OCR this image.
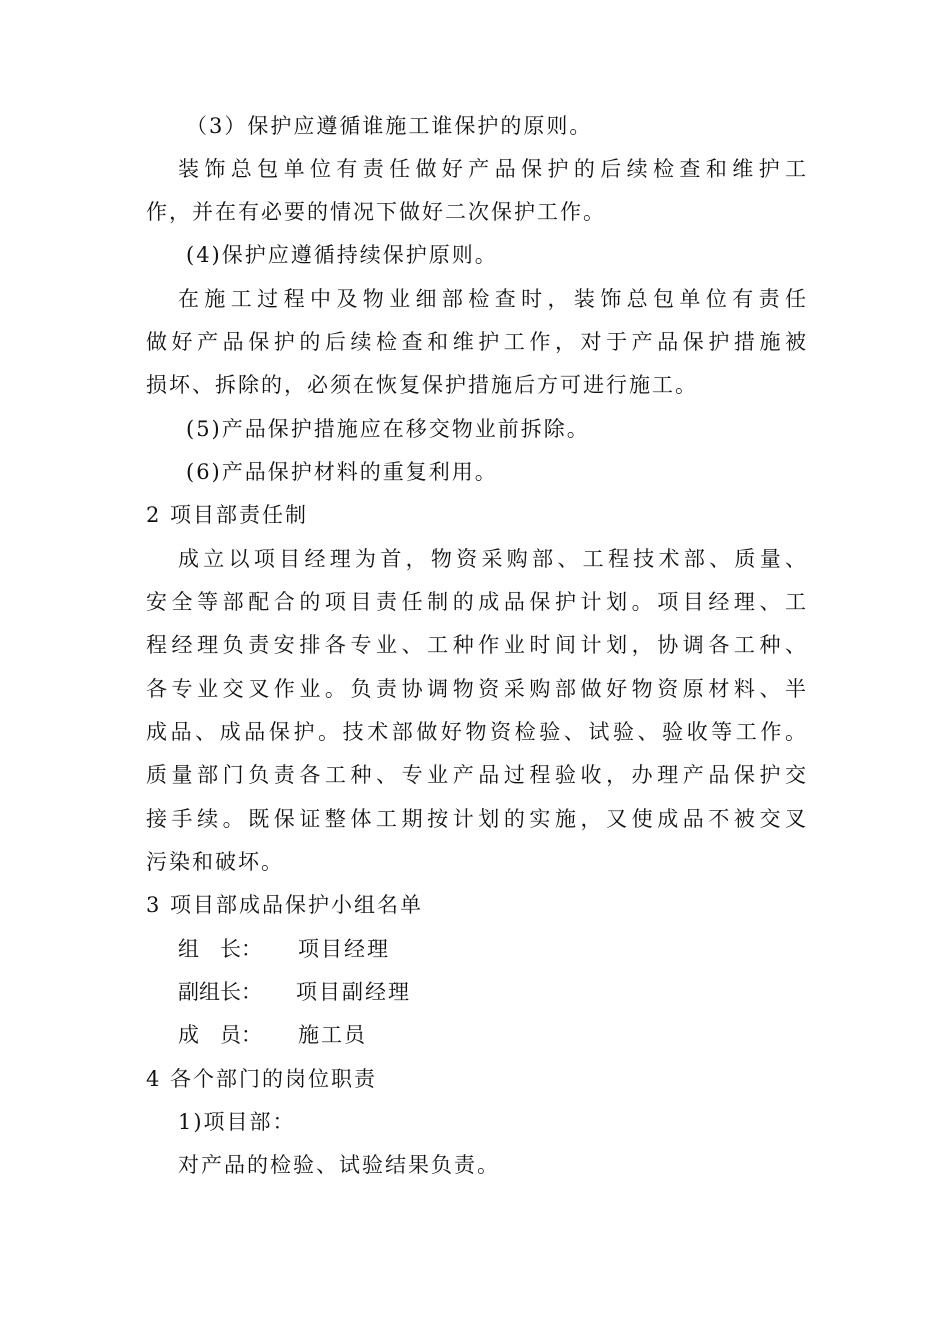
（3）保护应遵循谁施工谁保护的原则。
装饰总包单位有责任做好产品保护的后续检查和维护工
作，并在有必要的情况下做好二次保护工作。
(4)保护应遵循持续保护原则。
在施工过程中及物业细部检查时，装饰总包单位有责任
做好产品保护的后续检查和维护工作，对于产品保护措施被
损坏、拆除的，必须在恢复保护措施后方可进行施工。
(5)产品保护措施应在移交物业前拆除。
(6)产品保护材料的重复利用。
2 项目部责任制
成立以项目经理为首，物资采购部、工程技术部、质量、
安全等部配合的项目责任制的成品保护计划。项目经理、工
程经理负责安排各专业、工种作业时间计划，协调各工种、
各专业交叉作业。负责协调物资采购部做好物资原材料、半
成品、成品保护。技术部做好物资检验、试验、验收等工作。
质量部门负责各工种、专业产品过程验收，办理产品保护交
接手续。既保证整体工期按计划的实施，又使成品不被交叉
污染和破坏。
3 项目部成品保护小组名单
组　长： 项目经理
副组长： 项目副经理
成　员： 施工员
4 各个部门的岗位职责
1)项目部：
对产品的检验、试验结果负责。
